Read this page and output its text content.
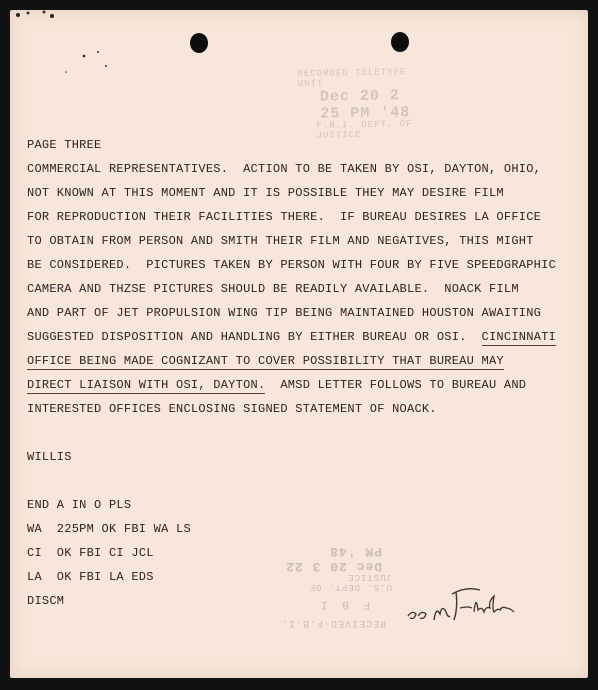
RECORDED TELETYPE UNIT
Dec 20 2 25 PM '48
F.B.I. DEPT. OF JUSTICE
RECEIVED-F.B.I.
F B I
U.S. DEPT. OF JUSTICE
Dec 20 3 22 PM '48
PAGE THREE
COMMERCIAL REPRESENTATIVES.  ACTION TO BE TAKEN BY OSI, DAYTON, OHIO,
NOT KNOWN AT THIS MOMENT AND IT IS POSSIBLE THEY MAY DESIRE FILM
FOR REPRODUCTION THEIR FACILITIES THERE.  IF BUREAU DESIRES LA OFFICE
TO OBTAIN FROM PERSON AND SMITH THEIR FILM AND NEGATIVES, THIS MIGHT
BE CONSIDERED.  PICTURES TAKEN BY PERSON WITH FOUR BY FIVE SPEEDGRAPHIC
CAMERA AND THZSE PICTURES SHOULD BE READILY AVAILABLE.  NOACK FILM
AND PART OF JET PROPULSION WING TIP BEING MAINTAINED HOUSTON AWAITING
SUGGESTED DISPOSITION AND HANDLING BY EITHER BUREAU OR OSI.  CINCINNATI
OFFICE BEING MADE COGNIZANT TO COVER POSSIBILITY THAT BUREAU MAY
DIRECT LIAISON WITH OSI, DAYTON.  AMSD LETTER FOLLOWS TO BUREAU AND
INTERESTED OFFICES ENCLOSING SIGNED STATEMENT OF NOACK.
WILLIS
END A IN O PLS
WA  225PM OK FBI WA LS
CI  OK FBI CI JCL
LA  OK FBI LA EDS
DISCM
